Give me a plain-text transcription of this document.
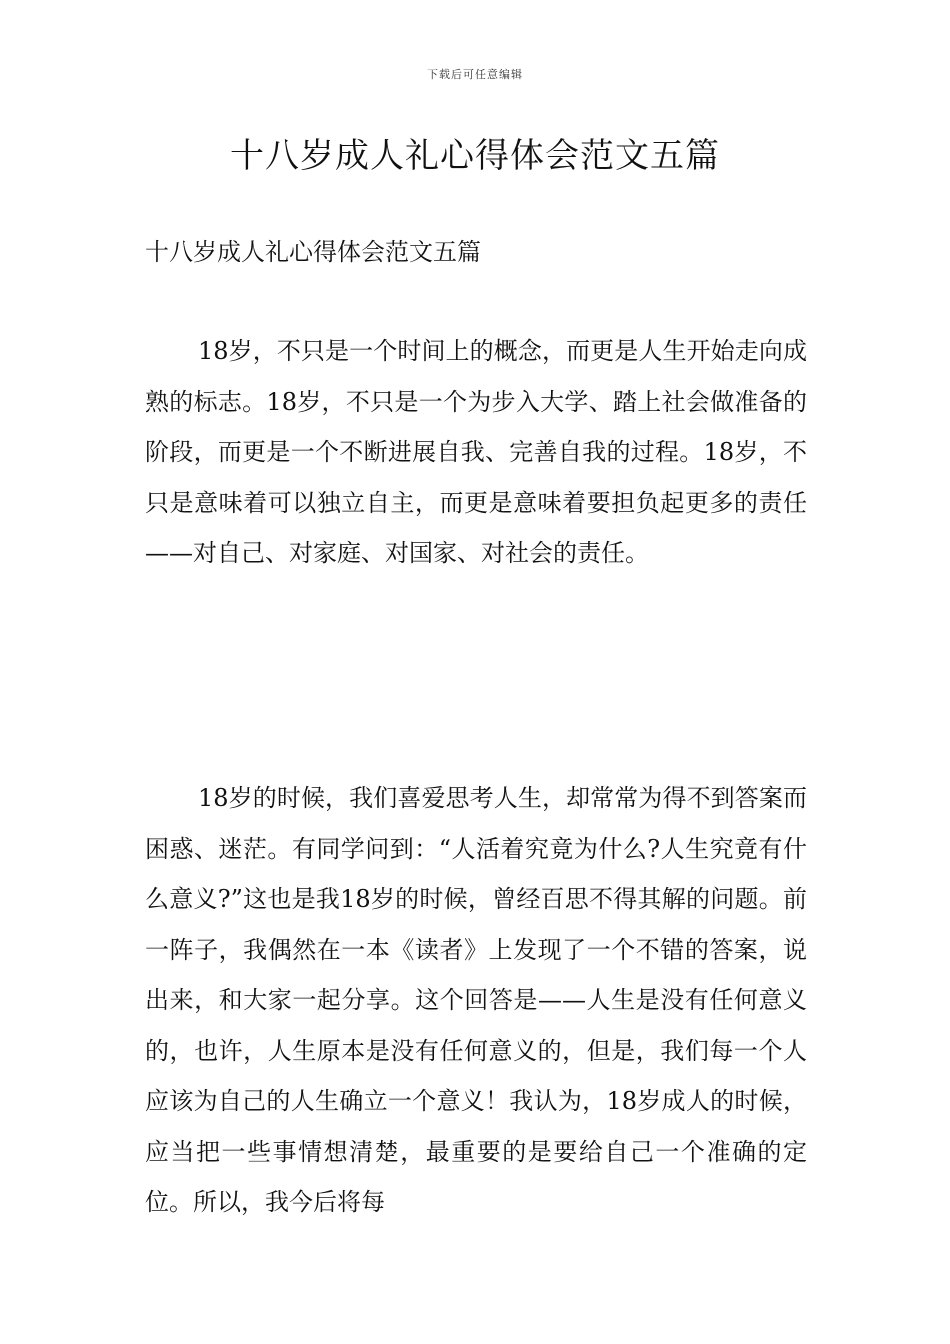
下载后可任意编辑
十八岁成人礼心得体会范文五篇

十八岁成人礼心得体会范文五篇

18岁，不只是一个时间上的概念，而更是人生开始走向成熟的标志。18岁，不只是一个为步入大学、踏上社会做准备的阶段，而更是一个不断进展自我、完善自我的过程。18岁，不只是意味着可以独立自主，而更是意味着要担负起更多的责任——对自己、对家庭、对国家、对社会的责任。

18岁的时候，我们喜爱思考人生，却常常为得不到答案而困惑、迷茫。有同学问到：“人活着究竟为什么?人生究竟有什么意义?”这也是我18岁的时候，曾经百思不得其解的问题。前一阵子，我偶然在一本《读者》上发现了一个不错的答案，说出来，和大家一起分享。这个回答是——人生是没有任何意义的，也许，人生原本是没有任何意义的，但是，我们每一个人应该为自己的人生确立一个意义！我认为，18岁成人的时候，应当把一些事情想清楚，最重要的是要给自己一个准确的定位。所以，我今后将每
